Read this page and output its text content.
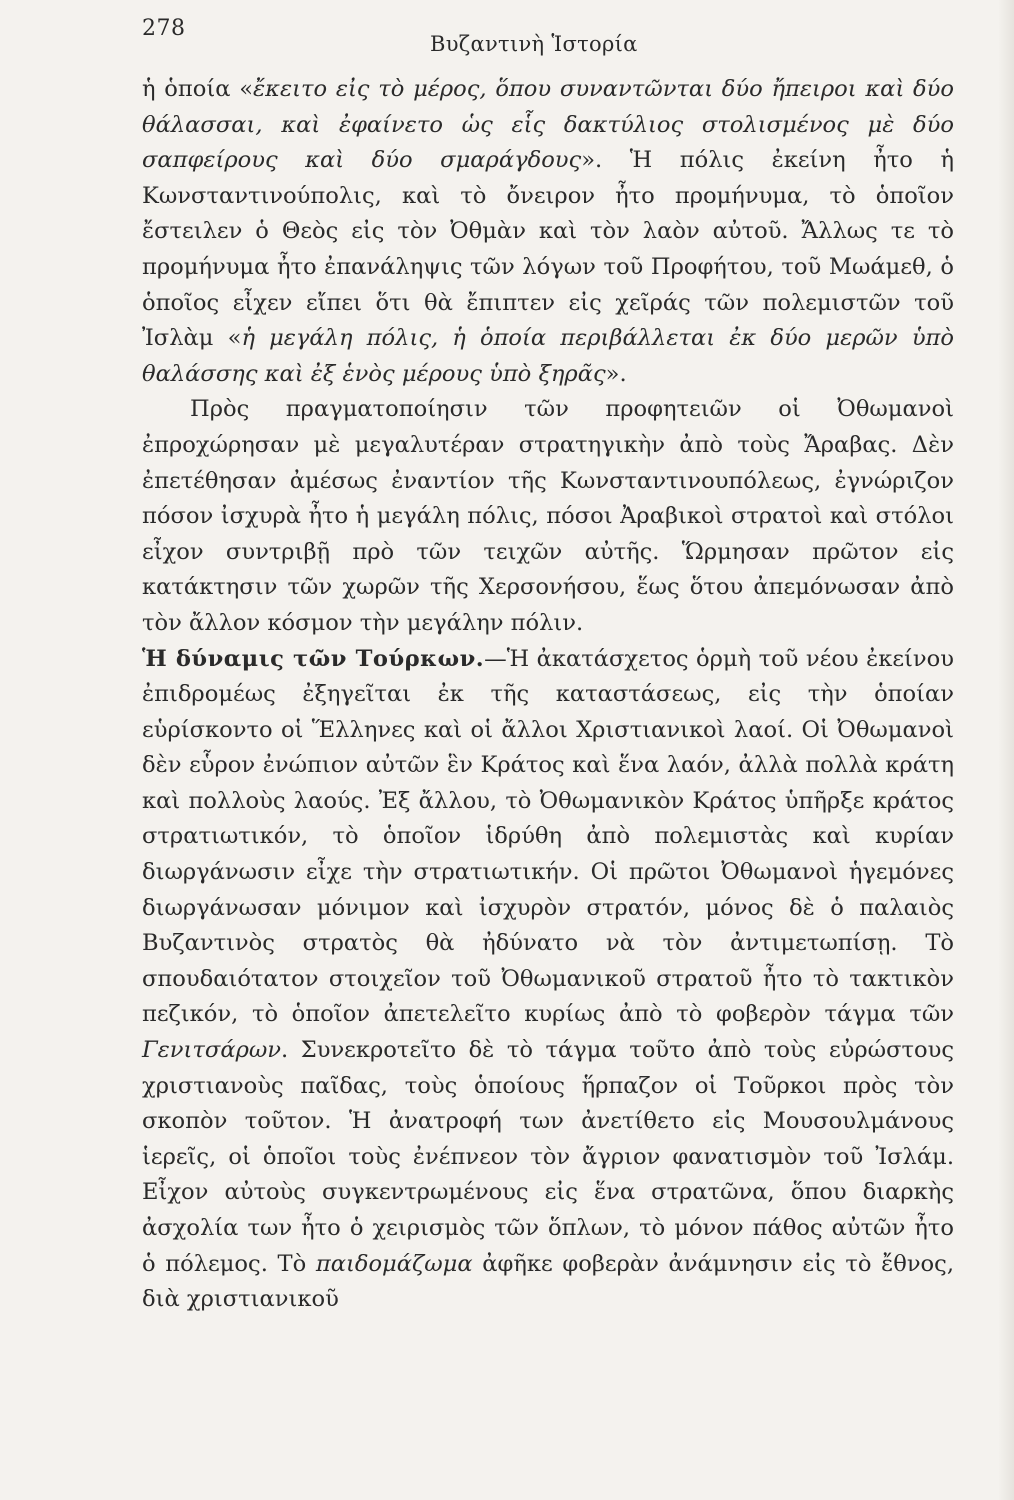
278
Βυζαντινὴ Ἱστορία

ἡ ὁποία «ἔκειτο εἰς τὸ μέρος, ὅπου συναντῶνται δύο ἤπειροι καὶ δύο θάλασσαι, καὶ ἐφαίνετο ὡς εἷς δακτύλιος στολισμένος μὲ δύο σαπφείρους καὶ δύο σμαράγδους». Ἡ πόλις ἐκείνη ἦτο ἡ Κωνσταντινούπολις, καὶ τὸ ὄνειρον ἦτο προμήνυμα, τὸ ὁποῖον ἔστειλεν ὁ Θεὸς εἰς τὸν Ὀθμὰν καὶ τὸν λαὸν αὐτοῦ. Ἄλλως τε τὸ προμήνυμα ἦτο ἐπανάληψις τῶν λόγων τοῦ Προφήτου, τοῦ Μωάμεθ, ὁ ὁποῖος εἶχεν εἴπει ὅτι θὰ ἔπιπτεν εἰς χεῖράς τῶν πολεμιστῶν τοῦ Ἰσλὰμ «ἡ μεγάλη πόλις, ἡ ὁποία περιβάλλεται ἐκ δύο μερῶν ὑπὸ θαλάσσης καὶ ἐξ ἑνὸς μέρους ὑπὸ ξηρᾶς».

Πρὸς πραγματοποίησιν τῶν προφητειῶν οἱ Ὀθωμανοὶ ἐπροχώρησαν μὲ μεγαλυτέραν στρατηγικὴν ἀπὸ τοὺς Ἄραβας. Δὲν ἐπετέθησαν ἀμέσως ἐναντίον τῆς Κωνσταντινουπόλεως, ἐγνώριζον πόσον ἰσχυρὰ ἦτο ἡ μεγάλη πόλις, πόσοι Ἀραβικοὶ στρατοὶ καὶ στόλοι εἶχον συντριβῇ πρὸ τῶν τειχῶν αὐτῆς. Ὥρμησαν πρῶτον εἰς κατάκτησιν τῶν χωρῶν τῆς Χερσονήσου, ἕως ὅτου ἀπεμόνωσαν ἀπὸ τὸν ἄλλον κόσμον τὴν μεγάλην πόλιν.

Ἡ δύναμις τῶν Τούρκων.—Ἡ ἀκατάσχετος ὁρμὴ τοῦ νέου ἐκείνου ἐπιδρομέως ἐξηγεῖται ἐκ τῆς καταστάσεως, εἰς τὴν ὁποίαν εὑρίσκοντο οἱ Ἕλληνες καὶ οἱ ἄλλοι Χριστιανικοὶ λαοί. Οἱ Ὀθωμανοὶ δὲν εὗρον ἐνώπιον αὐτῶν ἓν Κράτος καὶ ἕνα λαόν, ἀλλὰ πολλὰ κράτη καὶ πολλοὺς λαούς. Ἐξ ἄλλου, τὸ Ὀθωμανικὸν Κράτος ὑπῆρξε κράτος στρατιωτικόν, τὸ ὁποῖον ἱδρύθη ἀπὸ πολεμιστὰς καὶ κυρίαν διωργάνωσιν εἶχε τὴν στρατιωτικήν. Οἱ πρῶτοι Ὀθωμανοὶ ἡγεμόνες διωργάνωσαν μόνιμον καὶ ἰσχυρὸν στρατόν, μόνος δὲ ὁ παλαιὸς Βυζαντινὸς στρατὸς θὰ ἠδύνατο νὰ τὸν ἀντιμετωπίσῃ. Τὸ σπουδαιότατον στοιχεῖον τοῦ Ὀθωμανικοῦ στρατοῦ ἦτο τὸ τακτικὸν πεζικόν, τὸ ὁποῖον ἀπετελεῖτο κυρίως ἀπὸ τὸ φοβερὸν τάγμα τῶν Γενιτσάρων. Συνεκροτεῖτο δὲ τὸ τάγμα τοῦτο ἀπὸ τοὺς εὐρώστους χριστιανοὺς παῖδας, τοὺς ὁποίους ἥρπαζον οἱ Τοῦρκοι πρὸς τὸν σκοπὸν τοῦτον. Ἡ ἀνατροφή των ἀνετίθετο εἰς Μουσουλμάνους ἱερεῖς, οἱ ὁποῖοι τοὺς ἐνέπνεον τὸν ἄγριον φανατισμὸν τοῦ Ἰσλάμ. Εἶχον αὐτοὺς συγκεντρωμένους εἰς ἕνα στρατῶνα, ὅπου διαρκὴς ἀσχολία των ἦτο ὁ χειρισμὸς τῶν ὅπλων, τὸ μόνον πάθος αὐτῶν ἦτο ὁ πόλεμος. Τὸ παιδομάζωμα ἀφῆκε φοβερὰν ἀνάμνησιν εἰς τὸ ἔθνος, διὰ χριστιανικοῦ
